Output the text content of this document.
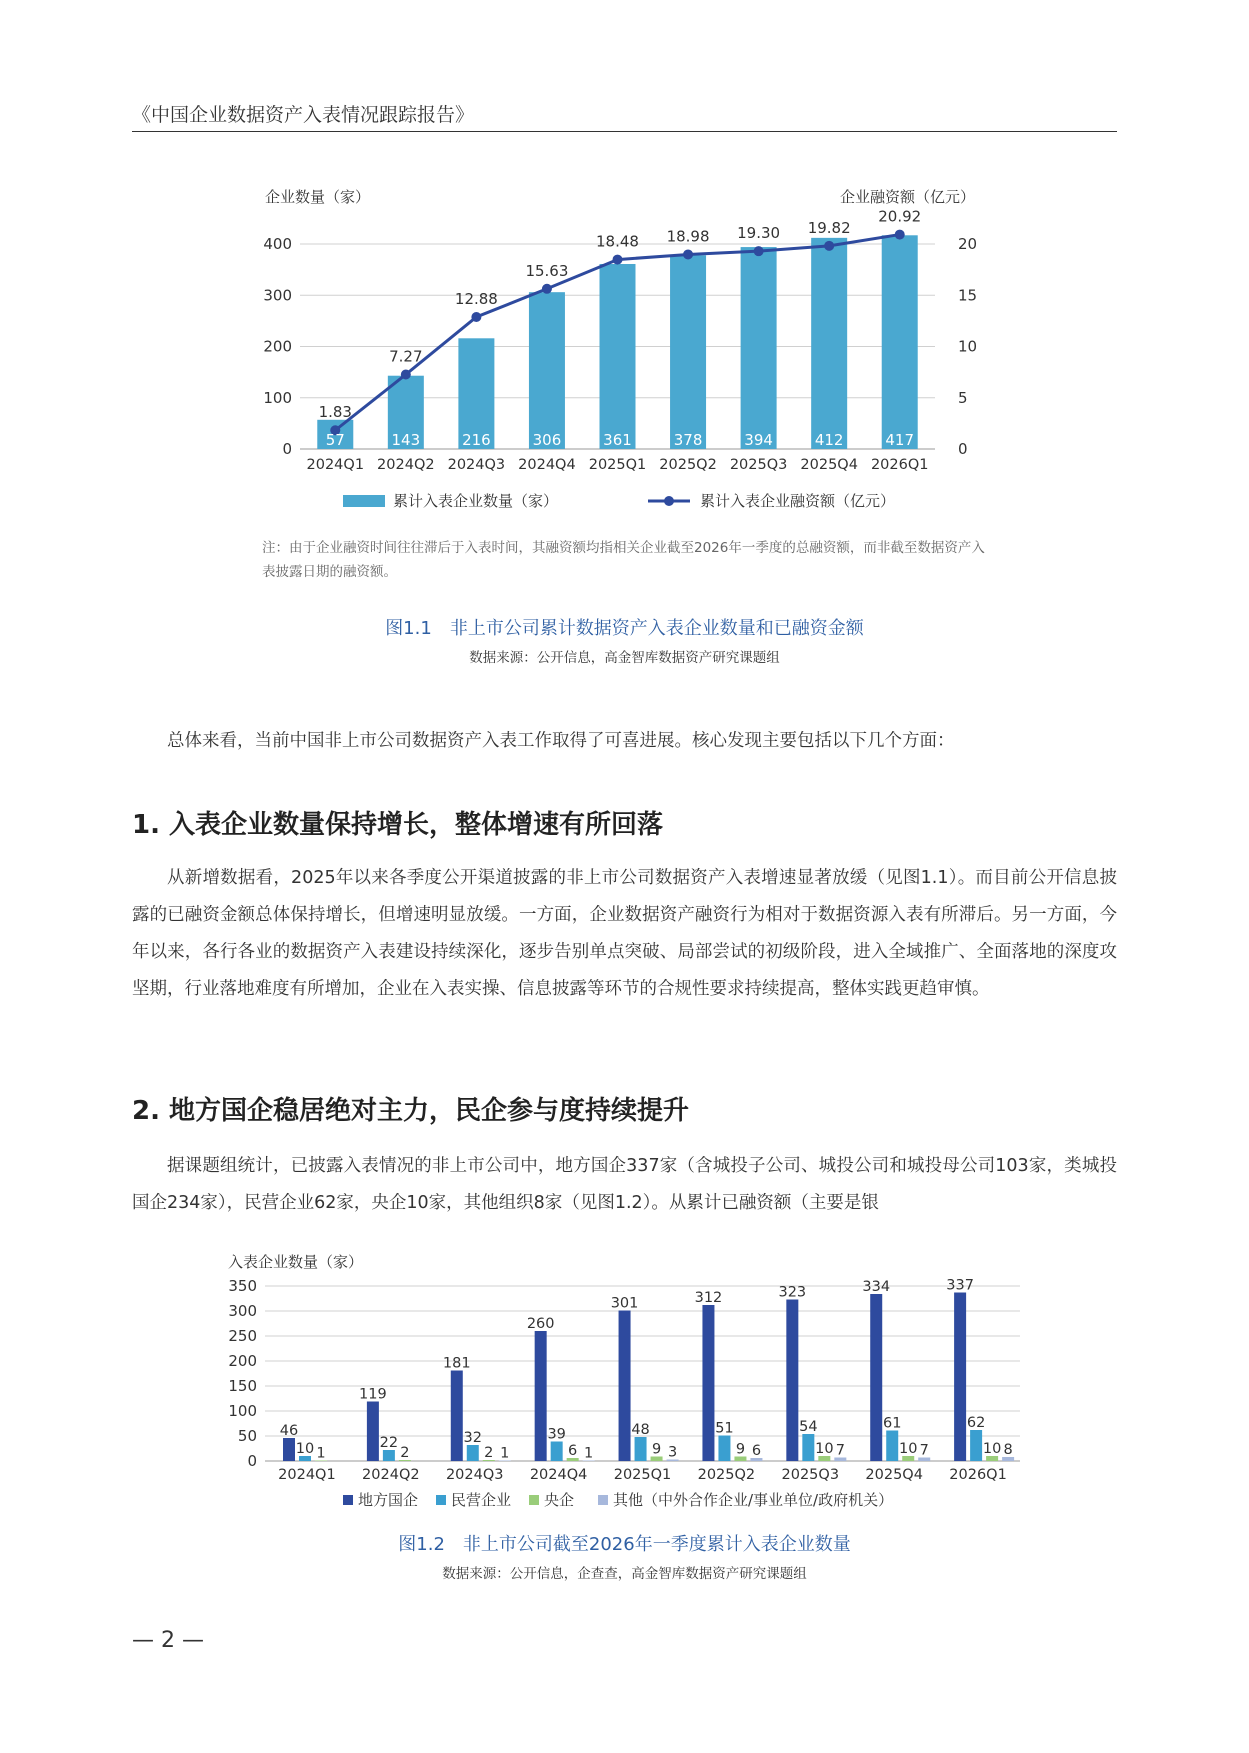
《中国企业数据资产入表情况跟踪报告》
企业数量（家）	企业融资额（亿元）
0
100
200
300
400
0
5
10
15
20
57
2024Q1
1.83
143
2024Q2
7.27
216
2024Q3
12.88
306
2024Q4
15.63
361
2025Q1
18.48
378
2025Q2
18.98
394
2025Q3
19.30
412
2025Q4
19.82
417
2026Q1
20.92
累计入表企业数量（家）	累计入表企业融资额（亿元）
注：由于企业融资时间往往滞后于入表时间，其融资额均指相关企业截至2026年一季度的总融资额，而非截至数据资产入表披露日期的融资额。
图1.1　非上市公司累计数据资产入表企业数量和已融资金额
数据来源：公开信息，高金智库数据资产研究课题组

总体来看，当前中国非上市公司数据资产入表工作取得了可喜进展。核心发现主要包括以下几个方面：

1. 入表企业数量保持增长，整体增速有所回落

从新增数据看，2025年以来各季度公开渠道披露的非上市公司数据资产入表增速显著放缓（见图1.1）。而目前公开信息披露的已融资金额总体保持增长，但增速明显放缓。一方面，企业数据资产融资行为相对于数据资源入表有所滞后。另一方面，今年以来，各行各业的数据资产入表建设持续深化，逐步告别单点突破、局部尝试的初级阶段，进入全域推广、全面落地的深度攻坚期，行业落地难度有所增加，企业在入表实操、信息披露等环节的合规性要求持续提高，整体实践更趋审慎。

2. 地方国企稳居绝对主力，民企参与度持续提升

据课题组统计，已披露入表情况的非上市公司中，地方国企337家（含城投子公司、城投公司和城投母公司103家，类城投国企234家），民营企业62家，央企10家，其他组织8家（见图1.2）。从累计已融资额（主要是银

入表企业数量（家）
0
50
100
150
200
250
300
350
46
10 1
2024Q1
119
22
2
2024Q2
181
32
2 1
2024Q3
260
39
6 1
2024Q4
301
48
9 3
2025Q1
312
51
9 6
2025Q2
323
54
10 7
2025Q3
334
61
10 7
2025Q4
337
62
10 8
2026Q1
地方国企 民营企业 央企	其他（中外合作企业/事业单位/政府机关）
图1.2　非上市公司截至2026年一季度累计入表企业数量
数据来源：公开信息，企查查，高金智库数据资产研究课题组
— 2 —
